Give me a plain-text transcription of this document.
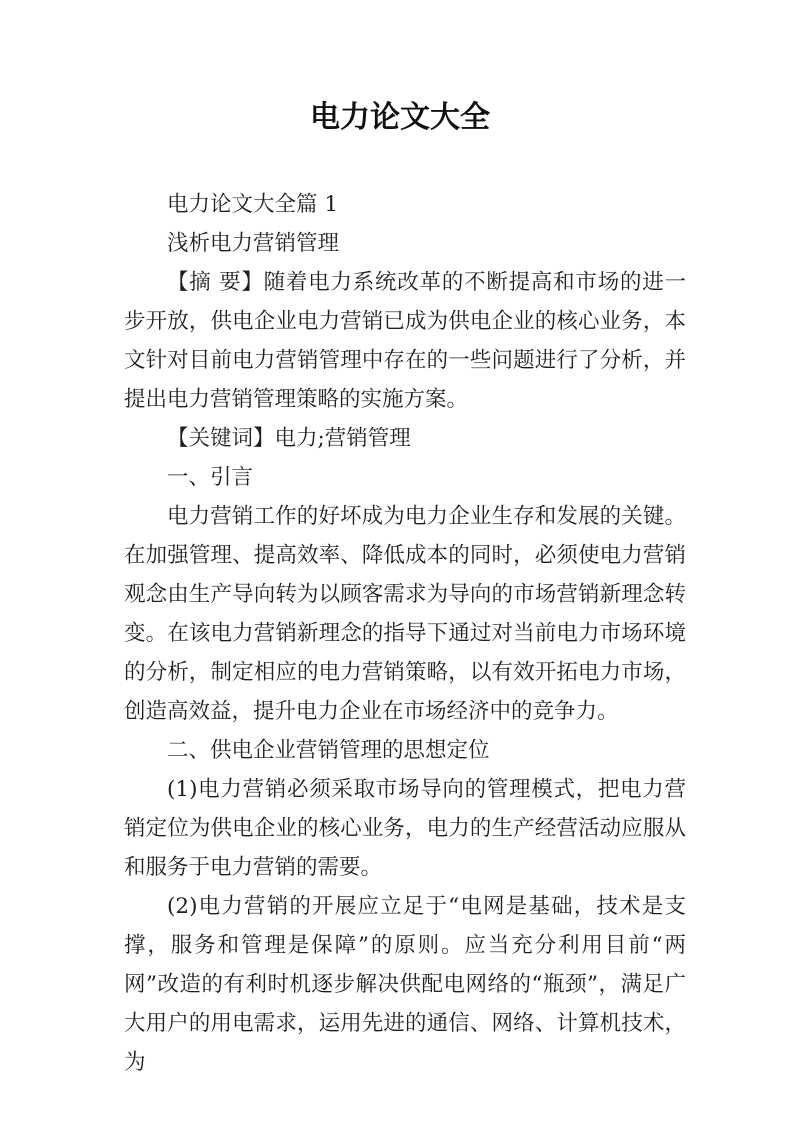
电力论文大全

电力论文大全篇 1

浅析电力营销管理

【摘 要】随着电力系统改革的不断提高和市场的进一步开放，供电企业电力营销已成为供电企业的核心业务，本文针对目前电力营销管理中存在的一些问题进行了分析，并提出电力营销管理策略的实施方案。

【关键词】电力;营销管理

一、引言

电力营销工作的好坏成为电力企业生存和发展的关键。在加强管理、提高效率、降低成本的同时，必须使电力营销观念由生产导向转为以顾客需求为导向的市场营销新理念转变。在该电力营销新理念的指导下通过对当前电力市场环境的分析，制定相应的电力营销策略，以有效开拓电力市场，创造高效益，提升电力企业在市场经济中的竞争力。

二、供电企业营销管理的思想定位

(1)电力营销必须采取市场导向的管理模式，把电力营销定位为供电企业的核心业务，电力的生产经营活动应服从和服务于电力营销的需要。

(2)电力营销的开展应立足于“电网是基础，技术是支撑，服务和管理是保障”的原则。应当充分利用目前“两网”改造的有利时机逐步解决供配电网络的“瓶颈”，满足广大用户的用电需求，运用先进的通信、网络、计算机技术，为
